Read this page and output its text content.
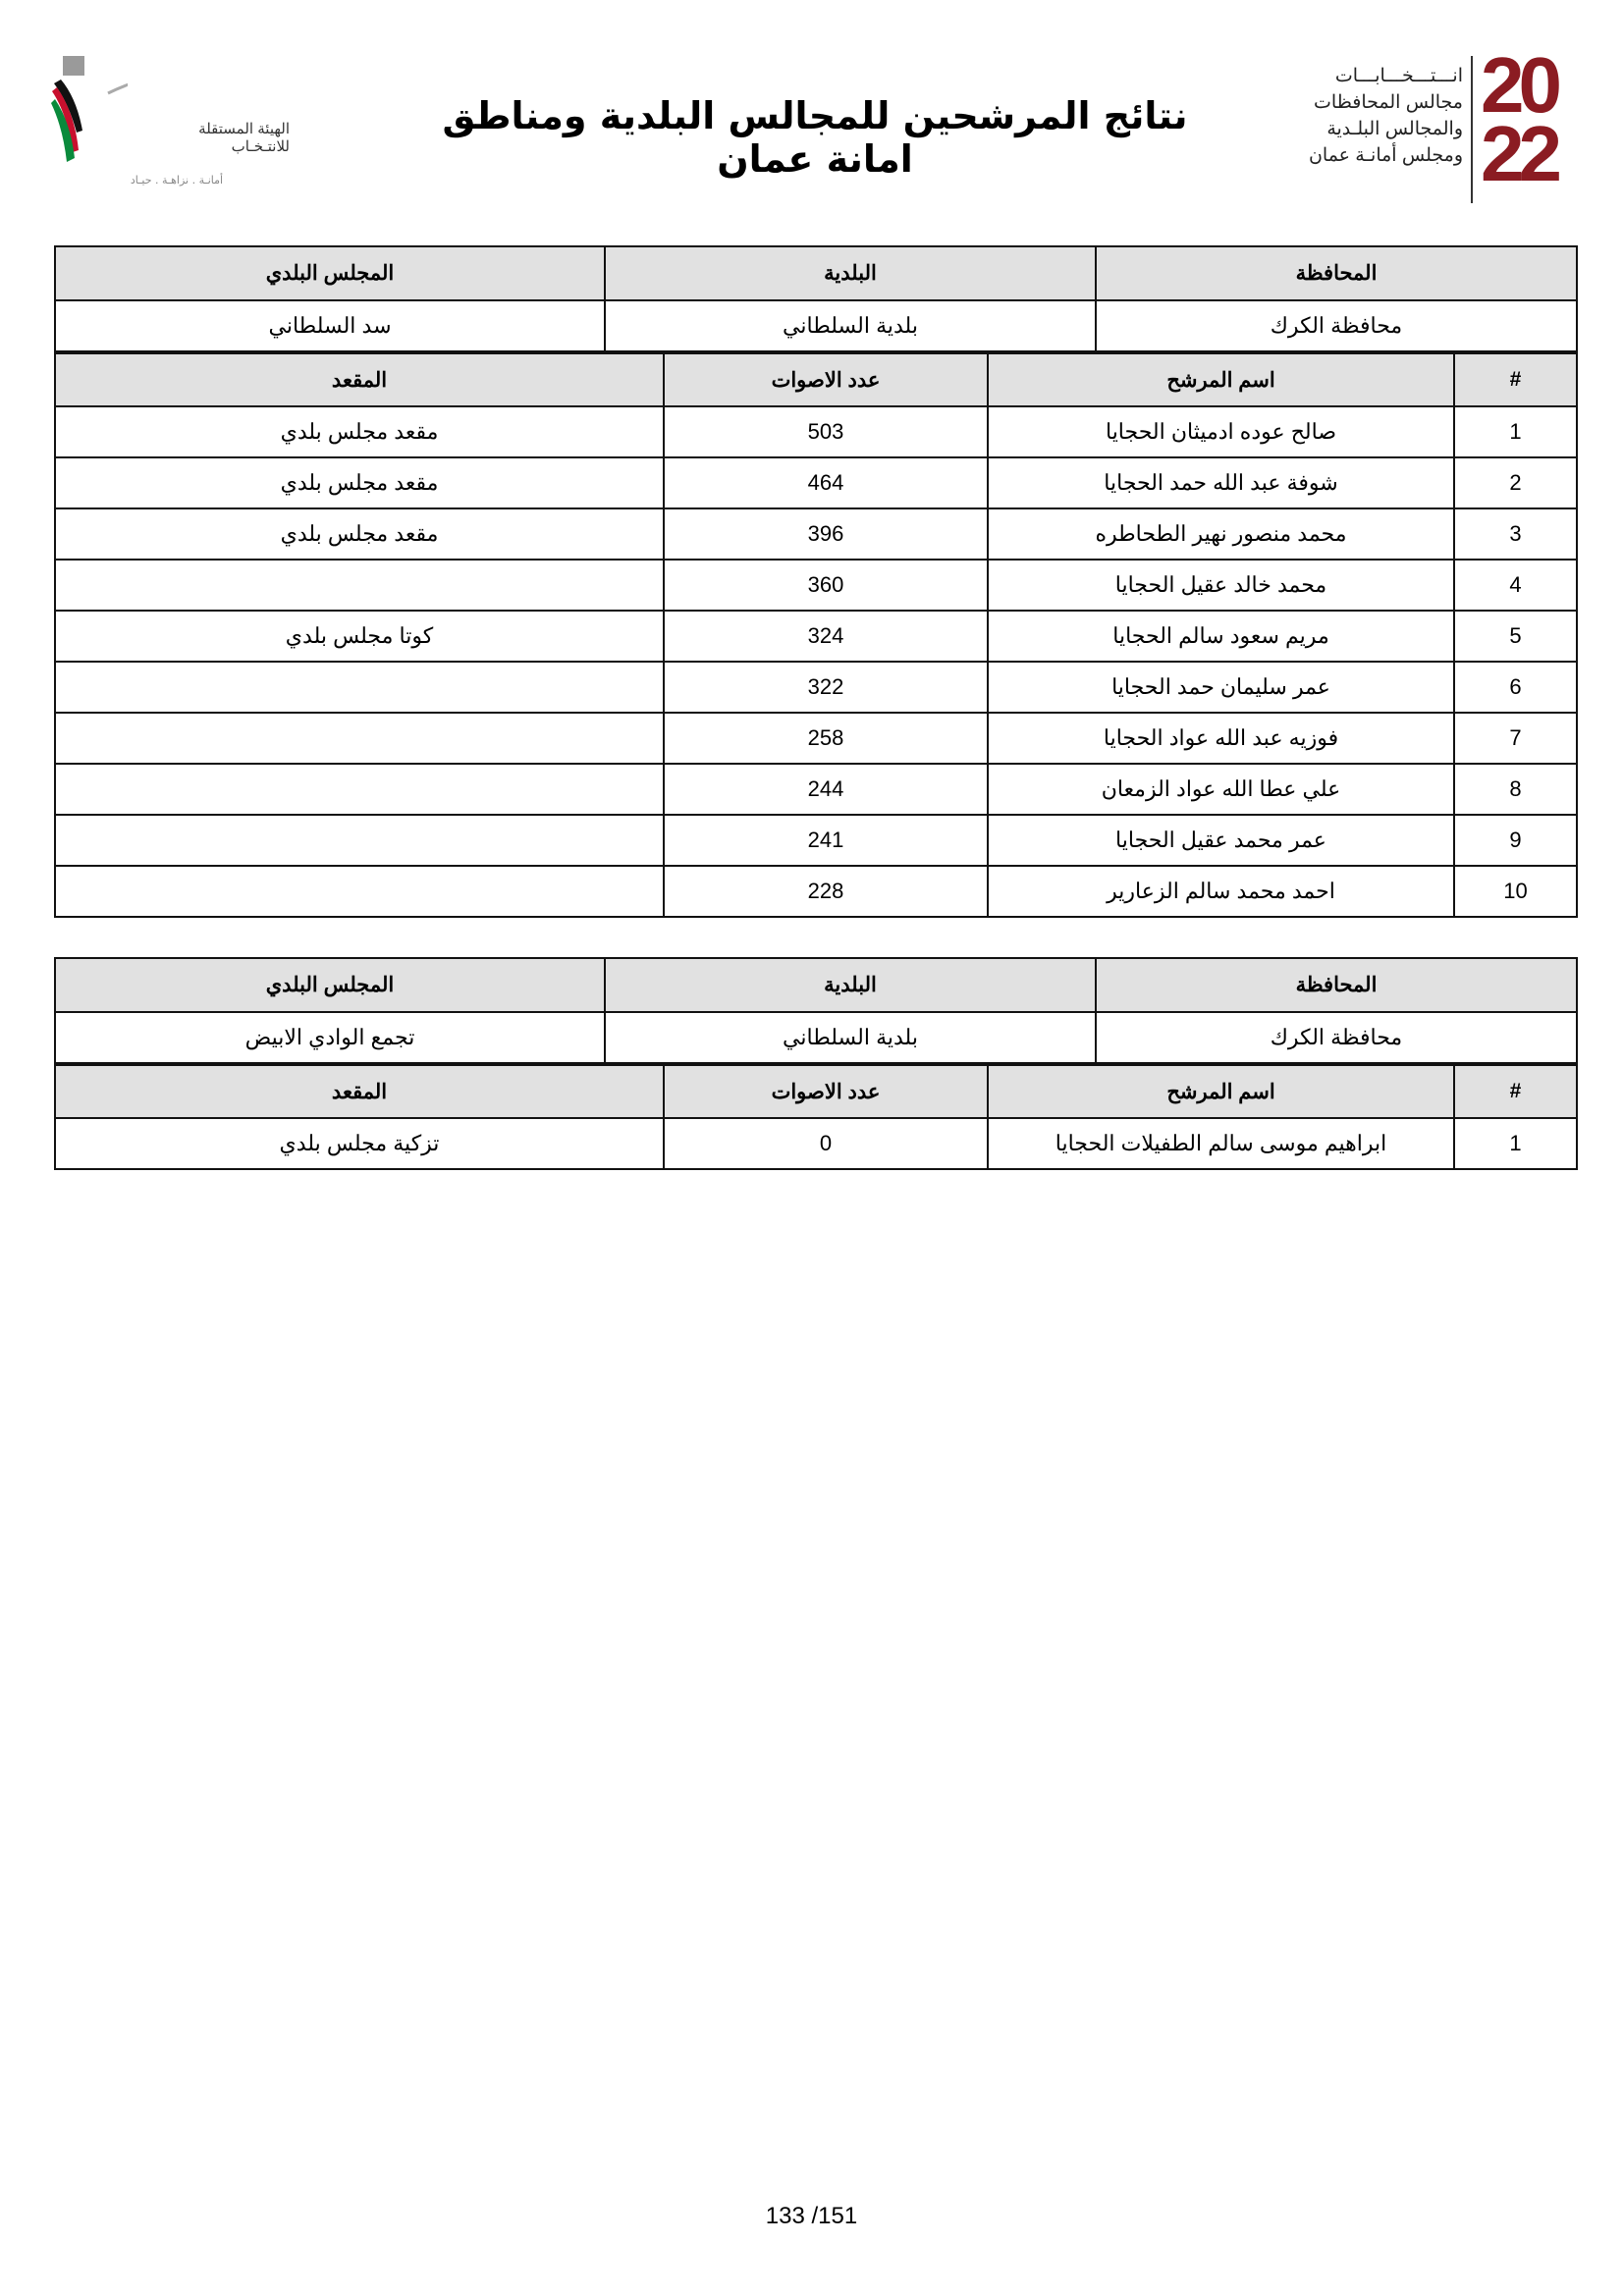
الهيئة المستقلة
للانتـخـاب
أمانـة . نزاهـة . حيـاد
نتائج المرشحين للمجالس البلدية ومناطق امانة عمان
انـــتـــخـــابـــات
مجالس المحافظات
والمجالس البلـدية
ومجلس أمانـة عمان
20
22
المحافظة	البلدية	المجلس البلدي
محافظة الكرك	بلدية السلطاني	سد السلطاني
#	اسم المرشح	عدد الاصوات	المقعد
1	صالح عوده ادميثان الحجايا	503	مقعد مجلس بلدي
2	شوفة عبد الله حمد الحجايا	464	مقعد مجلس بلدي
3	محمد منصور نهير الطحاطره	396	مقعد مجلس بلدي
4	محمد خالد عقيل الحجايا	360	
5	مريم سعود سالم الحجايا	324	كوتا مجلس بلدي
6	عمر سليمان حمد الحجايا	322	
7	فوزيه عبد الله عواد الحجايا	258	
8	علي عطا الله عواد الزمعان	244	
9	عمر محمد عقيل الحجايا	241	
10	احمد محمد سالم الزعارير	228	
المحافظة	البلدية	المجلس البلدي
محافظة الكرك	بلدية السلطاني	تجمع الوادي الابيض
#	اسم المرشح	عدد الاصوات	المقعد
1	ابراهيم موسى سالم الطفيلات الحجايا	0	تزكية مجلس بلدي
133 /151
